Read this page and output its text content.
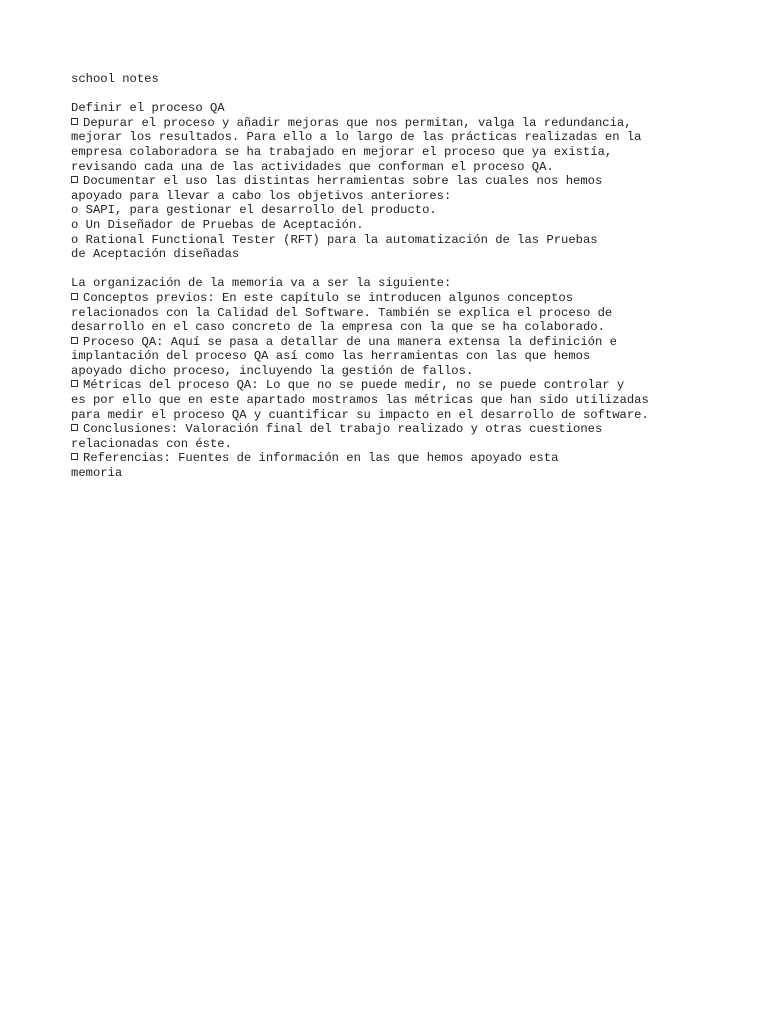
school notes
Definir el proceso QA
Depurar el proceso y añadir mejoras que nos permitan, valga la redundancia,
mejorar los resultados. Para ello a lo largo de las prácticas realizadas en la
empresa colaboradora se ha trabajado en mejorar el proceso que ya existía,
revisando cada una de las actividades que conforman el proceso QA.
Documentar el uso las distintas herramientas sobre las cuales nos hemos
apoyado para llevar a cabo los objetivos anteriores:
o SAPI, para gestionar el desarrollo del producto.
o Un Diseñador de Pruebas de Aceptación.
o Rational Functional Tester (RFT) para la automatización de las Pruebas
de Aceptación diseñadas
La organización de la memoria va a ser la siguiente:
Conceptos previos: En este capítulo se introducen algunos conceptos
relacionados con la Calidad del Software. También se explica el proceso de
desarrollo en el caso concreto de la empresa con la que se ha colaborado.
Proceso QA: Aquí se pasa a detallar de una manera extensa la definición e
implantación del proceso QA así como las herramientas con las que hemos
apoyado dicho proceso, incluyendo la gestión de fallos.
Métricas del proceso QA: Lo que no se puede medir, no se puede controlar y
es por ello que en este apartado mostramos las métricas que han sido utilizadas
para medir el proceso QA y cuantificar su impacto en el desarrollo de software.
Conclusiones: Valoración final del trabajo realizado y otras cuestiones
relacionadas con éste.
Referencias: Fuentes de información en las que hemos apoyado esta
memoria
